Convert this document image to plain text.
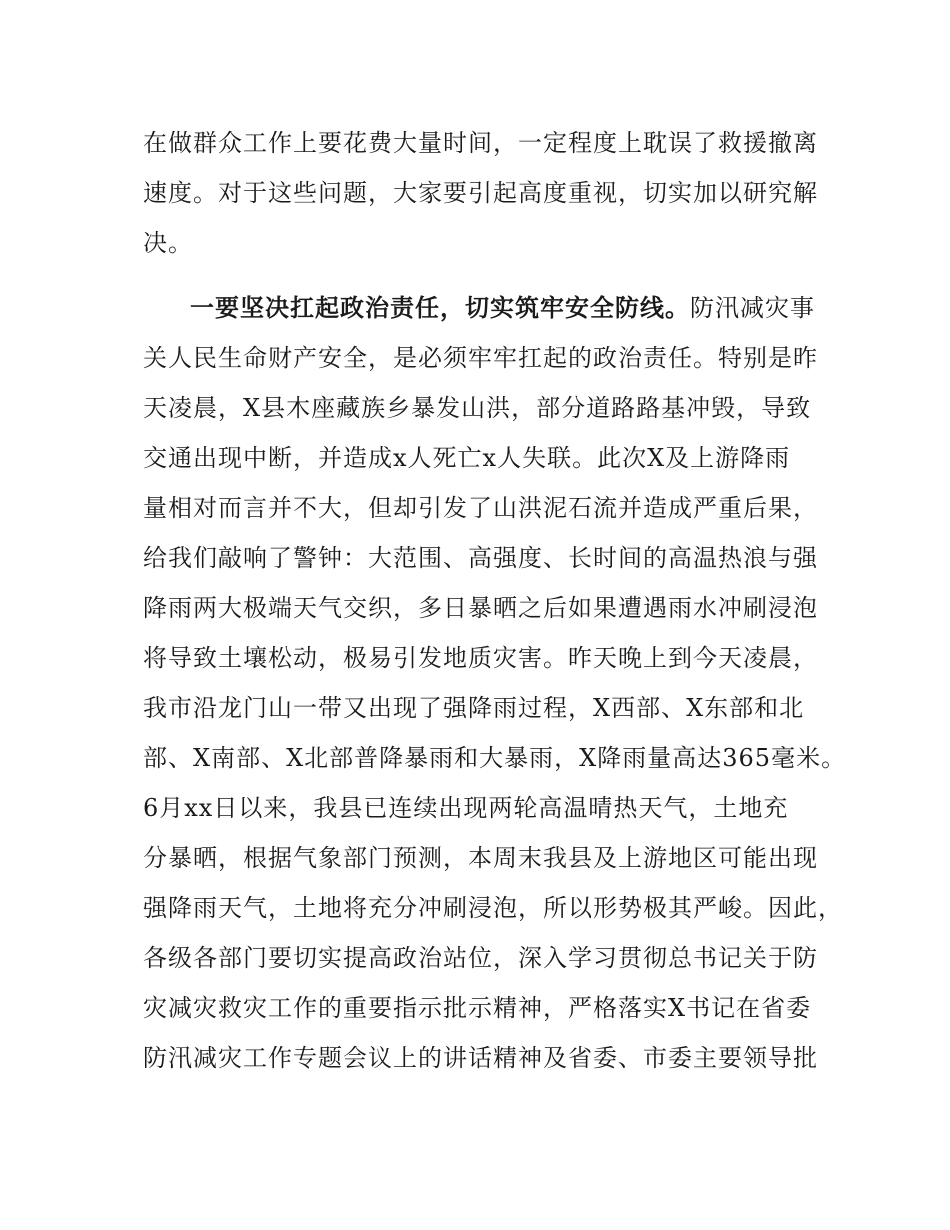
在做群众工作上要花费大量时间，一定程度上耽误了救援撤离
速度。对于这些问题，大家要引起高度重视，切实加以研究解
决。
一要坚决扛起政治责任，切实筑牢安全防线。防汛减灾事
关人民生命财产安全，是必须牢牢扛起的政治责任。特别是昨
天凌晨，X县木座藏族乡暴发山洪，部分道路路基冲毁，导致
交通出现中断，并造成x人死亡x人失联。此次X及上游降雨
量相对而言并不大，但却引发了山洪泥石流并造成严重后果，
给我们敲响了警钟：大范围、高强度、长时间的高温热浪与强
降雨两大极端天气交织，多日暴晒之后如果遭遇雨水冲刷浸泡
将导致土壤松动，极易引发地质灾害。昨天晚上到今天凌晨，
我市沿龙门山一带又出现了强降雨过程，X西部、X东部和北
部、X南部、X北部普降暴雨和大暴雨，X降雨量高达365毫米。
6月xx日以来，我县已连续出现两轮高温晴热天气，土地充
分暴晒，根据气象部门预测，本周末我县及上游地区可能出现
强降雨天气，土地将充分冲刷浸泡，所以形势极其严峻。因此，
各级各部门要切实提高政治站位，深入学习贯彻总书记关于防
灾减灾救灾工作的重要指示批示精神，严格落实X书记在省委
防汛减灾工作专题会议上的讲话精神及省委、市委主要领导批
